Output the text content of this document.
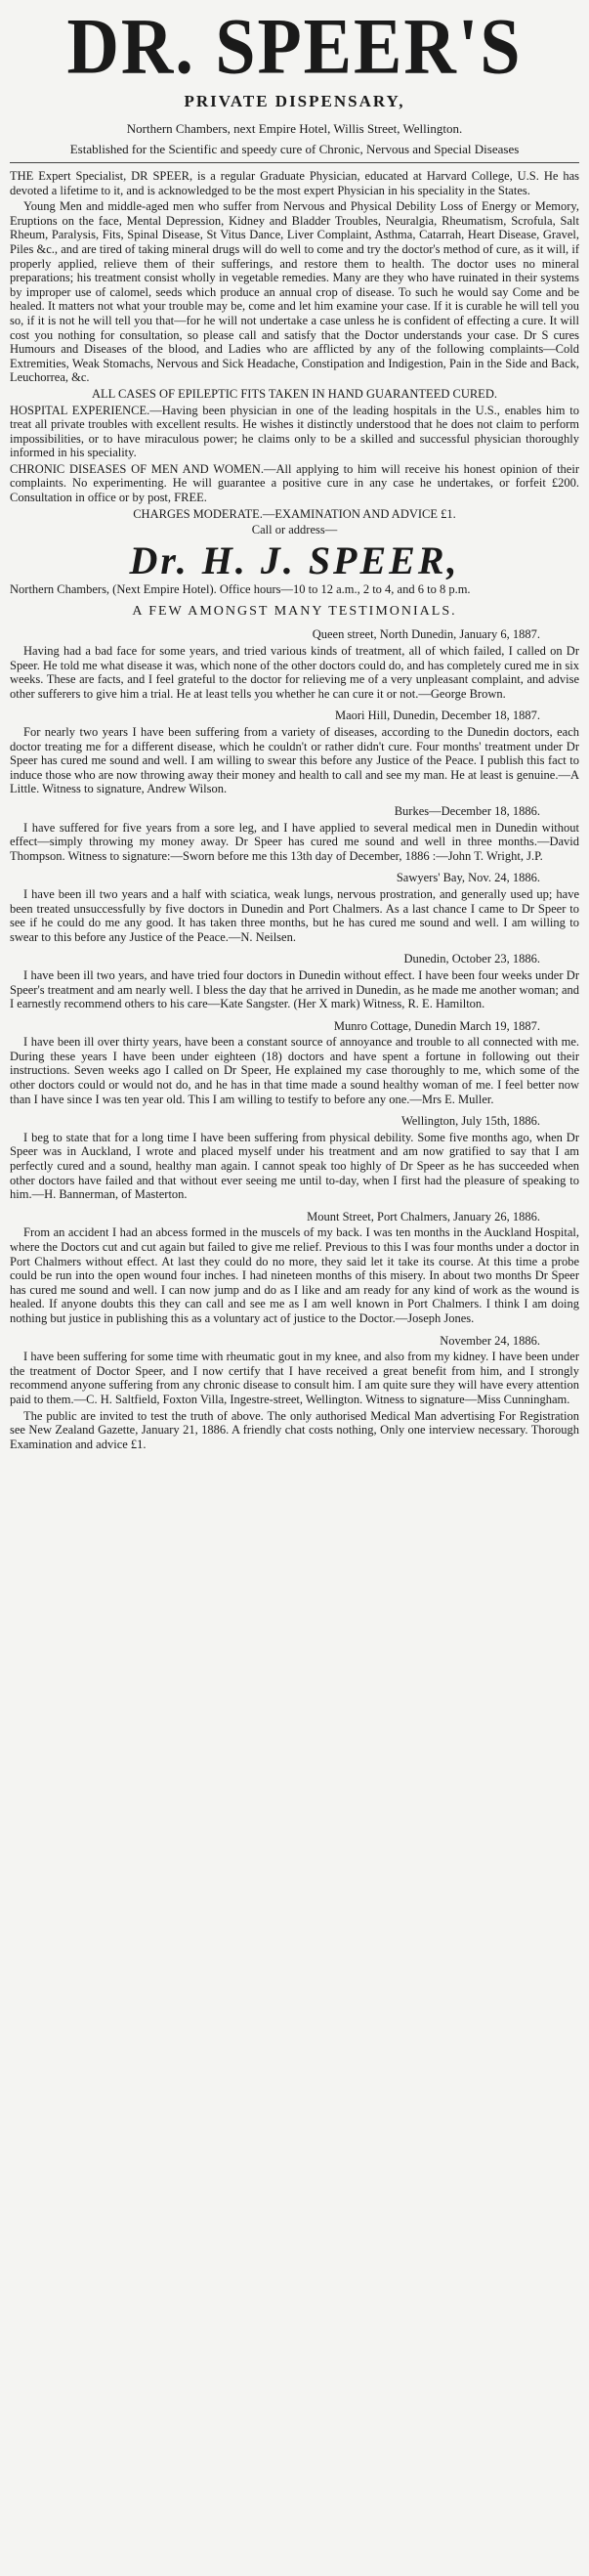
DR. SPEER'S
PRIVATE DISPENSARY,
Northern Chambers, next Empire Hotel, Willis Street, Wellington.
Established for the Scientific and speedy cure of Chronic, Nervous and Special Diseases

THE Expert Specialist, DR SPEER, is a regular Graduate Physician, educated at Harvard College, U.S. He has devoted a lifetime to it, and is acknowledged to be the most expert Physician in his speciality in the States.

Young Men and middle-aged men who suffer from Nervous and Physical Debility Loss of Energy or Memory, Eruptions on the face, Mental Depression, Kidney and Bladder Troubles, Neuralgia, Rheumatism, Scrofula, Salt Rheum, Paralysis, Fits, Spinal Disease, St Vitus Dance, Liver Complaint, Asthma, Catarrah, Heart Disease, Gravel, Piles &c., and are tired of taking mineral drugs will do well to come and try the doctor's method of cure, as it will, if properly applied, relieve them of their sufferings, and restore them to health. The doctor uses no mineral preparations; his treatment consist wholly in vegetable remedies. Many are they who have ruinated in their systems by improper use of calomel, seeds which produce an annual crop of disease. To such he would say Come and be healed. It matters not what your trouble may be, come and let him examine your case. If it is curable he will tell you so, if it is not he will tell you that—for he will not undertake a case unless he is confident of effecting a cure. It will cost you nothing for consultation, so please call and satisfy that the Doctor understands your case. Dr S cures Humours and Diseases of the blood, and Ladies who are afflicted by any of the following complaints—Cold Extremities, Weak Stomachs, Nervous and Sick Headache, Constipation and Indigestion, Pain in the Side and Back, Leuchorrea, &c.

ALL CASES OF EPILEPTIC FITS TAKEN IN HAND GUARANTEED CURED.

HOSPITAL EXPERIENCE.—Having been physician in one of the leading hospitals in the U.S., enables him to treat all private troubles with excellent results. He wishes it distinctly understood that he does not claim to perform impossibilities, or to have miraculous power; he claims only to be a skilled and successful physician thoroughly informed in his speciality.

CHRONIC DISEASES OF MEN AND WOMEN.—All applying to him will receive his honest opinion of their complaints. No experimenting. He will guarantee a positive cure in any case he undertakes, or forfeit £200. Consultation in office or by post, FREE.

CHARGES MODERATE.—EXAMINATION AND ADVICE £1.

Call or address—

Dr. H. J. SPEER,

Northern Chambers, (Next Empire Hotel). Office hours—10 to 12 a.m., 2 to 4, and 6 to 8 p.m.

A FEW AMONGST MANY TESTIMONIALS.
Queen street, North Dunedin, January 6, 1887.

Having had a bad face for some years, and tried various kinds of treatment, all of which failed, I called on Dr Speer. He told me what disease it was, which none of the other doctors could do, and has completely cured me in six weeks. These are facts, and I feel grateful to the doctor for relieving me of a very unpleasant complaint, and advise other sufferers to give him a trial. He at least tells you whether he can cure it or not.—George Brown.

Maori Hill, Dunedin, December 18, 1887.

For nearly two years I have been suffering from a variety of diseases, according to the Dunedin doctors, each doctor treating me for a different disease, which he couldn't or rather didn't cure. Four months' treatment under Dr Speer has cured me sound and well. I am willing to swear this before any Justice of the Peace. I publish this fact to induce those who are now throwing away their money and health to call and see my man. He at least is genuine.—A Little. Witness to signature, Andrew Wilson.

Burkes—December 18, 1886.

I have suffered for five years from a sore leg, and I have applied to several medical men in Dunedin without effect—simply throwing my money away. Dr Speer has cured me sound and well in three months.—David Thompson. Witness to signature:—Sworn before me this 13th day of December, 1886 :—John T. Wright, J.P.

Sawyers' Bay, Nov. 24, 1886.

I have been ill two years and a half with sciatica, weak lungs, nervous prostration, and generally used up; have been treated unsuccessfully by five doctors in Dunedin and Port Chalmers. As a last chance I came to Dr Speer to see if he could do me any good. It has taken three months, but he has cured me sound and well. I am willing to swear to this before any Justice of the Peace.—N. Neilsen.

Dunedin, October 23, 1886.

I have been ill two years, and have tried four doctors in Dunedin without effect. I have been four weeks under Dr Speer's treatment and am nearly well. I bless the day that he arrived in Dunedin, as he made me another woman; and I earnestly recommend others to his care—Kate Sangster. (Her X mark) Witness, R. E. Hamilton.

Munro Cottage, Dunedin March 19, 1887.

I have been ill over thirty years, have been a constant source of annoyance and trouble to all connected with me. During these years I have been under eighteen (18) doctors and have spent a fortune in following out their instructions. Seven weeks ago I called on Dr Speer, He explained my case thoroughly to me, which some of the other doctors could or would not do, and he has in that time made a sound healthy woman of me. I feel better now than I have since I was ten year old. This I am willing to testify to before any one.—Mrs E. Muller.

Wellington, July 15th, 1886.

I beg to state that for a long time I have been suffering from physical debility. Some five months ago, when Dr Speer was in Auckland, I wrote and placed myself under his treatment and am now gratified to say that I am perfectly cured and a sound, healthy man again. I cannot speak too highly of Dr Speer as he has succeeded when other doctors have failed and that without ever seeing me until to-day, when I first had the pleasure of speaking to him.—H. Bannerman, of Masterton.

Mount Street, Port Chalmers, January 26, 1886.

From an accident I had an abcess formed in the muscels of my back. I was ten months in the Auckland Hospital, where the Doctors cut and cut again but failed to give me relief. Previous to this I was four months under a doctor in Port Chalmers without effect. At last they could do no more, they said let it take its course. At this time a probe could be run into the open wound four inches. I had nineteen months of this misery. In about two months Dr Speer has cured me sound and well. I can now jump and do as I like and am ready for any kind of work as the wound is healed. If anyone doubts this they can call and see me as I am well known in Port Chalmers. I think I am doing nothing but justice in publishing this as a voluntary act of justice to the Doctor.—Joseph Jones.

November 24, 1886.

I have been suffering for some time with rheumatic gout in my knee, and also from my kidney. I have been under the treatment of Doctor Speer, and I now certify that I have received a great benefit from him, and I strongly recommend anyone suffering from any chronic disease to consult him. I am quite sure they will have every attention paid to them.—C. H. Saltfield, Foxton Villa, Ingestre-street, Wellington. Witness to signature—Miss Cunningham.

The public are invited to test the truth of above. The only authorised Medical Man advertising For Registration see New Zealand Gazette, January 21, 1886. A friendly chat costs nothing, Only one interview necessary. Thorough Examination and advice £1.
